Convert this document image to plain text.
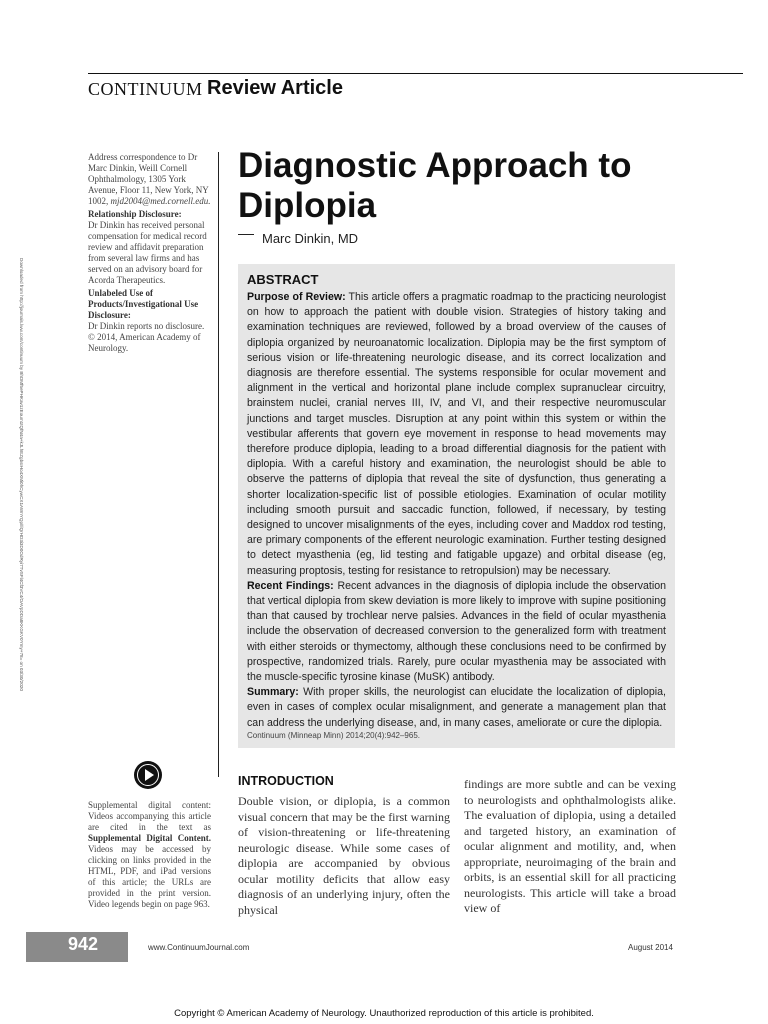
CONTINUUM Review Article
Downloaded from http://journals.lww.com/continuum by BhDMf5ePHKav1zEoum1tQfN4a+kJLhEZgbsIHo4XMi0hCywCX1AWnYQp/IlQrHD3i3D0OdRyi7TvSFl4Cf3VC4/OAVpDDa8KKGKV0Ymy+78= on 03/30/2020

Address correspondence to Dr Marc Dinkin, Weill Cornell Ophthalmology, 1305 York Avenue, Floor 11, New York, NY 1002, mjd2004@med.cornell.edu.

Relationship Disclosure:
Dr Dinkin has received personal compensation for medical record review and affidavit preparation from several law firms and has served on an advisory board for Acorda Therapeutics.

Unlabeled Use of Products/Investigational Use Disclosure:
Dr Dinkin reports no disclosure.
© 2014, American Academy of Neurology.

Diagnostic Approach to Diplopia
Marc Dinkin, MD
ABSTRACT

Purpose of Review: This article offers a pragmatic roadmap to the practicing neurologist on how to approach the patient with double vision. Strategies of history taking and examination techniques are reviewed, followed by a broad overview of the causes of diplopia organized by neuroanatomic localization. Diplopia may be the first symptom of serious vision or life-threatening neurologic disease, and its correct localization and diagnosis are therefore essential. The systems responsible for ocular movement and alignment in the vertical and horizontal plane include complex supranuclear circuitry, brainstem nuclei, cranial nerves III, IV, and VI, and their respective neuromuscular junctions and target muscles. Disruption at any point within this system or within the vestibular afferents that govern eye movement in response to head movements may therefore produce diplopia, leading to a broad differential diagnosis for the patient with diplopia. With a careful history and examination, the neurologist should be able to observe the patterns of diplopia that reveal the site of dysfunction, thus generating a shorter localization-specific list of possible etiologies. Examination of ocular motility including smooth pursuit and saccadic function, followed, if necessary, by testing designed to uncover misalignments of the eyes, including cover and Maddox rod testing, are primary components of the efferent neurologic examination. Further testing designed to detect myasthenia (eg, lid testing and fatigable upgaze) and orbital disease (eg, measuring proptosis, testing for resistance to retropulsion) may be necessary.

Recent Findings: Recent advances in the diagnosis of diplopia include the observation that vertical diplopia from skew deviation is more likely to improve with supine positioning than that caused by trochlear nerve palsies. Advances in the field of ocular myasthenia include the observation of decreased conversion to the generalized form with treatment with either steroids or thymectomy, although these conclusions need to be confirmed by prospective, randomized trials. Rarely, pure ocular myasthenia may be associated with the muscle-specific tyrosine kinase (MuSK) antibody.

Summary: With proper skills, the neurologist can elucidate the localization of diplopia, even in cases of complex ocular misalignment, and generate a management plan that can address the underlying disease, and, in many cases, ameliorate or cure the diplopia.

Continuum (Minneap Minn) 2014;20(4):942–965.
Supplemental digital content: Videos accompanying this article are cited in the text as Supplemental Digital Content. Videos may be accessed by clicking on links provided in the HTML, PDF, and iPad versions of this article; the URLs are provided in the print version. Video legends begin on page 963.
INTRODUCTION
Double vision, or diplopia, is a common visual concern that may be the first warning of vision-threatening or life-threatening neurologic disease. While some cases of diplopia are accompanied by obvious ocular motility deficits that allow easy diagnosis of an underlying injury, often the physical
findings are more subtle and can be vexing to neurologists and ophthalmologists alike. The evaluation of diplopia, using a detailed and targeted history, an examination of ocular alignment and motility, and, when appropriate, neuroimaging of the brain and orbits, is an essential skill for all practicing neurologists. This article will take a broad view of
942	www.ContinuumJournal.com	August 2014
Copyright © American Academy of Neurology. Unauthorized reproduction of this article is prohibited.
